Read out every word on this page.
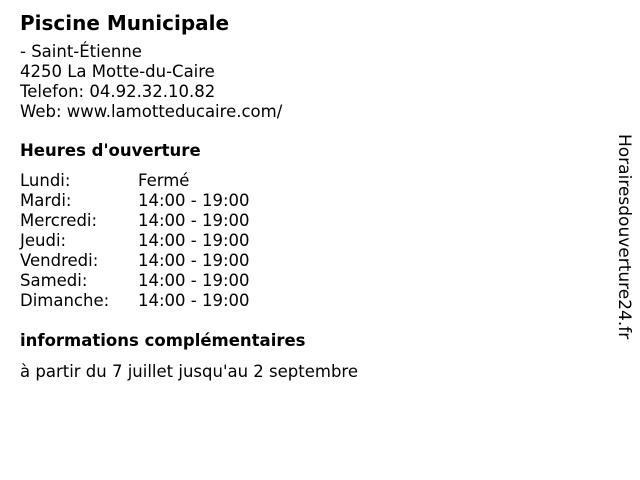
Piscine Municipale
- Saint-Étienne
4250 La Motte-du-Caire
Telefon: 04.92.32.10.82
Web: www.lamotteducaire.com/
Heures d'ouverture
Lundi:	Fermé
Mardi:	14:00 - 19:00
Mercredi:	14:00 - 19:00
Jeudi:	14:00 - 19:00
Vendredi:	14:00 - 19:00
Samedi:	14:00 - 19:00
Dimanche:	14:00 - 19:00
informations complémentaires
à partir du 7 juillet jusqu'au 2 septembre
Horairesdouverture24.fr
